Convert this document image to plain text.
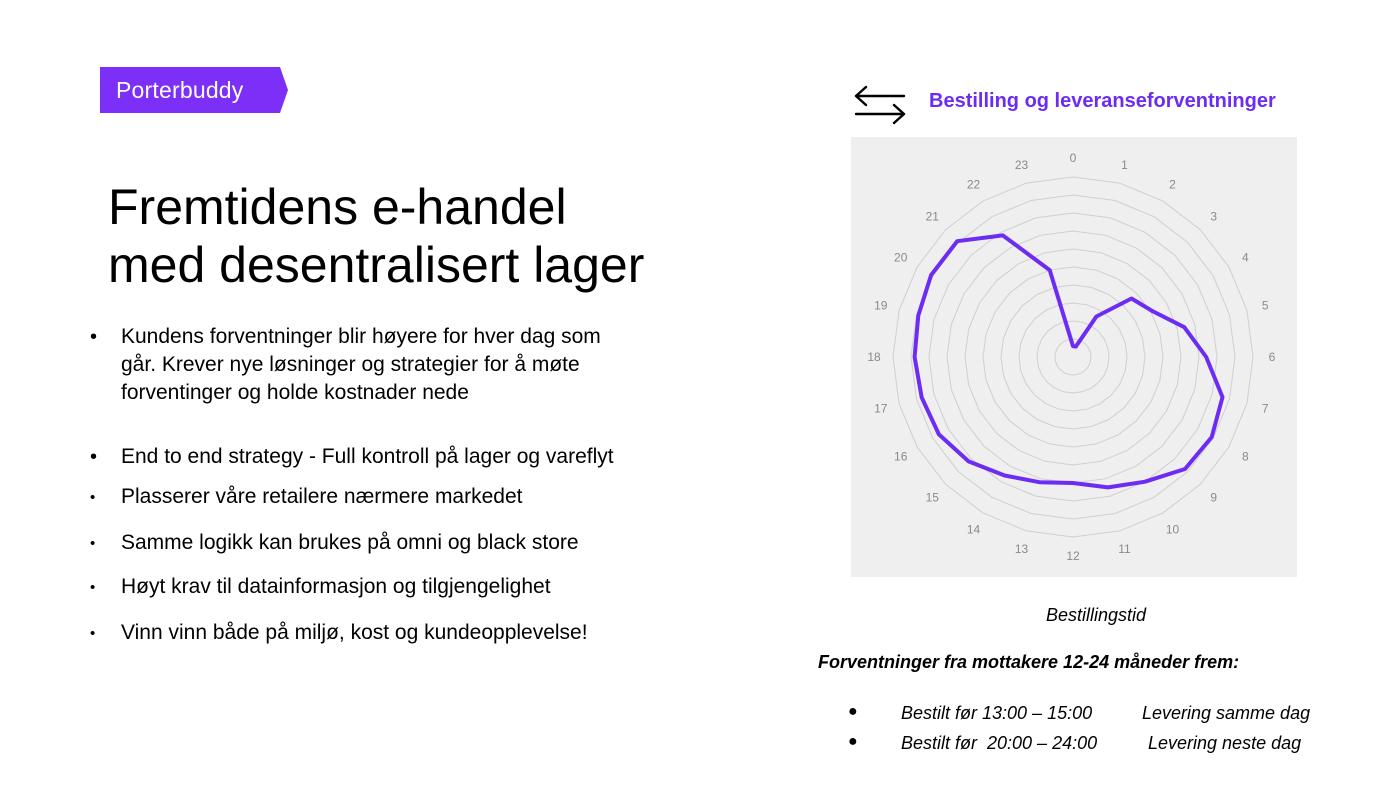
Porterbuddy
Fremtidens e-handel
med desentralisert lager
• Kundens forventninger blir høyere for hver dag som
går. Krever nye løsninger og strategier for å møte
forventinger og holde kostnader nede
• End to end strategy - Full kontroll på lager og vareflyt
• Plasserer våre retailere nærmere markedet
• Samme logikk kan brukes på omni og black store
• Høyt krav til datainformasjon og tilgjengelighet
• Vinn vinn både på miljø, kost og kundeopplevelse!
Bestilling og leveranseforventninger
0	1
2
3
4
5
6
7
8
9
10
11
12
13
14
15
16
17
18
19
20
21
22
23
Bestillingstid
Forventninger fra mottakere 12-24 måneder frem:
● Bestilt før 13:00 – 15:00	Levering samme dag
● Bestilt før  20:00 – 24:00	Levering neste dag
